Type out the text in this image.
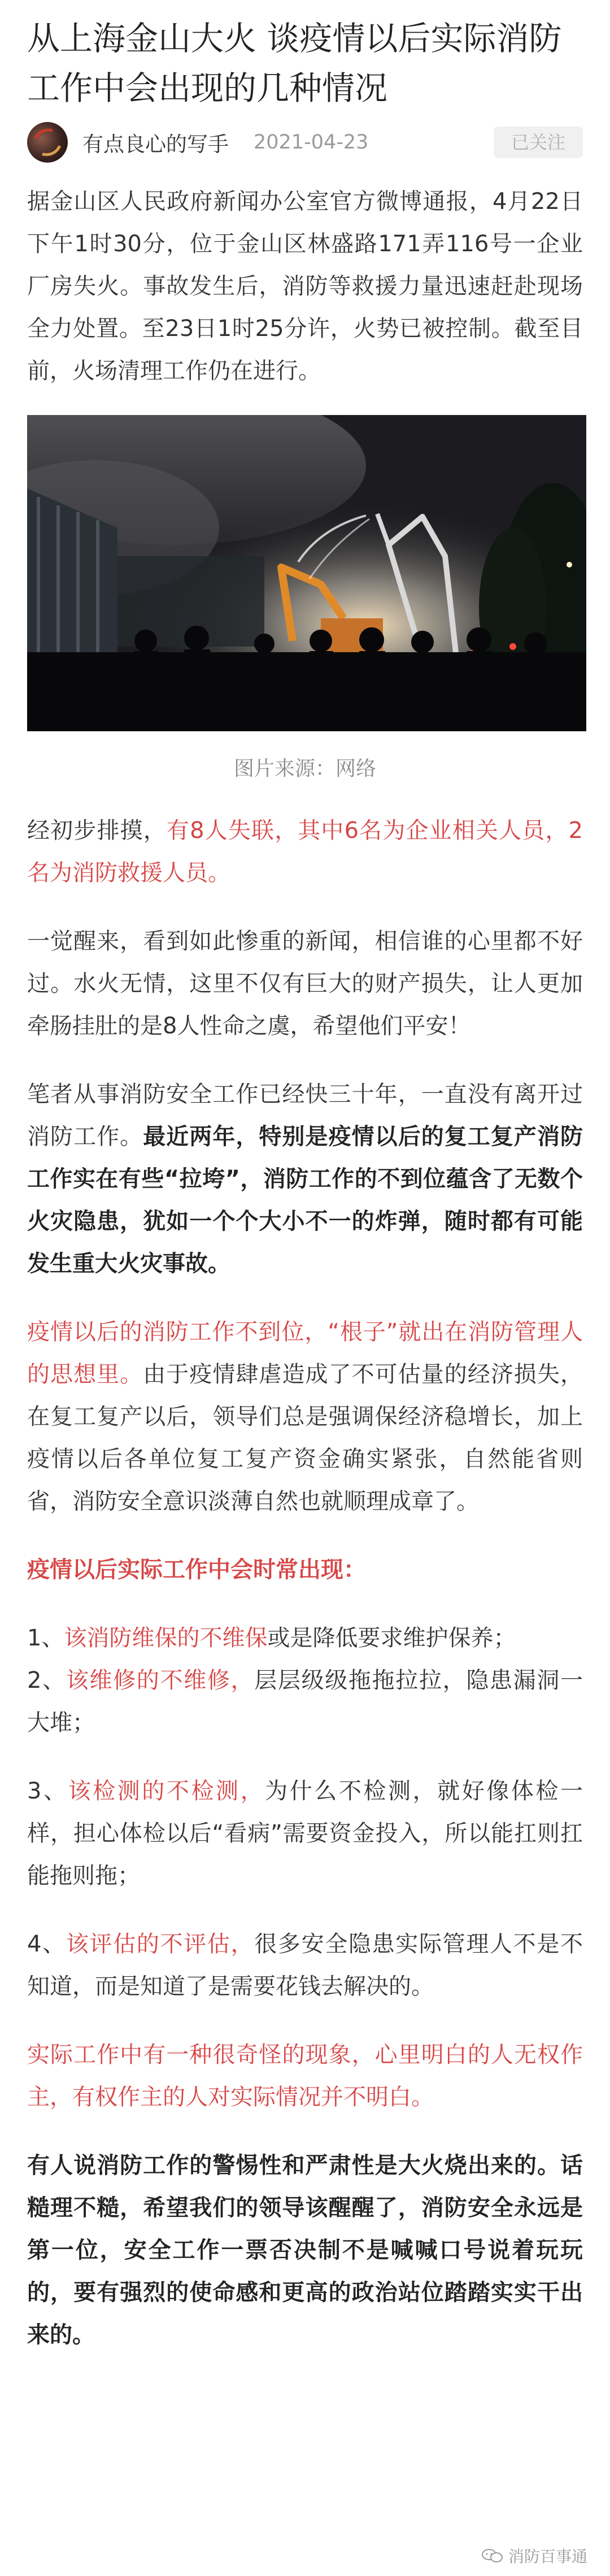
从上海金山大火 谈疫情以后实际消防工作中会出现的几种情况
有点良心的写手 2021-04-23	已关注

据金山区人民政府新闻办公室官方微博通报，4月22日下午1时30分，位于金山区林盛路171弄116号一企业厂房失火。事故发生后，消防等救援力量迅速赶赴现场全力处置。至23日1时25分许，火势已被控制。截至目前，火场清理工作仍在进行。

图片来源：网络

经初步排摸，有8人失联，其中6名为企业相关人员，2名为消防救援人员。

一觉醒来，看到如此惨重的新闻，相信谁的心里都不好过。水火无情，这里不仅有巨大的财产损失，让人更加牵肠挂肚的是8人性命之虞，希望他们平安！

笔者从事消防安全工作已经快三十年，一直没有离开过消防工作。最近两年，特别是疫情以后的复工复产消防工作实在有些“拉垮”，消防工作的不到位蕴含了无数个火灾隐患，犹如一个个大小不一的炸弹，随时都有可能发生重大火灾事故。

疫情以后的消防工作不到位，“根子”就出在消防管理人的思想里。由于疫情肆虐造成了不可估量的经济损失，在复工复产以后，领导们总是强调保经济稳增长，加上疫情以后各单位复工复产资金确实紧张，自然能省则省，消防安全意识淡薄自然也就顺理成章了。

疫情以后实际工作中会时常出现：

1、该消防维保的不维保或是降低要求维护保养；

2、该维修的不维修，层层级级拖拖拉拉，隐患漏洞一大堆；

3、该检测的不检测，为什么不检测，就好像体检一样，担心体检以后“看病”需要资金投入，所以能扛则扛能拖则拖；

4、该评估的不评估，很多安全隐患实际管理人不是不知道，而是知道了是需要花钱去解决的。

实际工作中有一种很奇怪的现象，心里明白的人无权作主，有权作主的人对实际情况并不明白。

有人说消防工作的警惕性和严肃性是大火烧出来的。话糙理不糙，希望我们的领导该醒醒了，消防安全永远是第一位，安全工作一票否决制不是喊喊口号说着玩玩的，要有强烈的使命感和更高的政治站位踏踏实实干出来的。

消防百事通
